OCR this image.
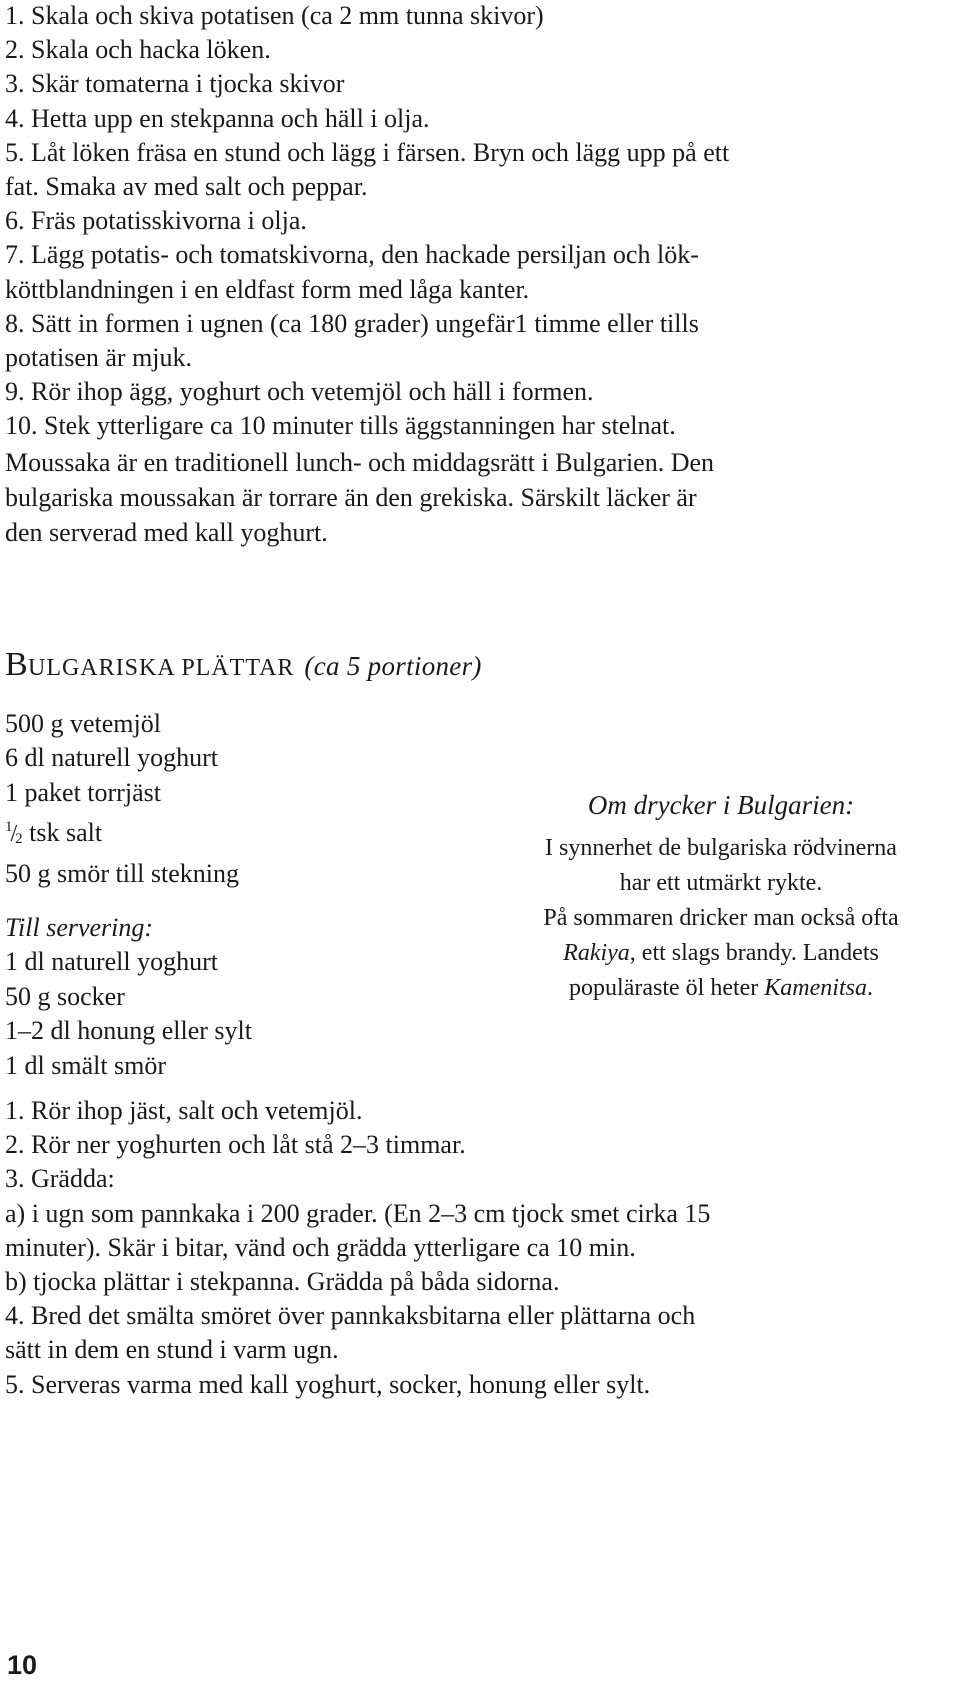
1. Skala och skiva potatisen (ca 2 mm tunna skivor)
2. Skala och hacka löken.
3. Skär tomaterna i tjocka skivor
4. Hetta upp en stekpanna och häll i olja.
5. Låt löken fräsa en stund och lägg i färsen. Bryn och lägg upp på ett
fat. Smaka av med salt och peppar.
6. Fräs potatisskivorna i olja.
7. Lägg potatis- och tomatskivorna, den hackade persiljan och lök-
köttblandningen i en eldfast form med låga kanter.
8. Sätt in formen i ugnen (ca 180 grader) ungefär1 timme eller tills
potatisen är mjuk.
9. Rör ihop ägg, yoghurt och vetemjöl och häll i formen.
10. Stek ytterligare ca 10 minuter tills äggstanningen har stelnat.
Moussaka är en traditionell lunch- och middagsrätt i Bulgarien. Den
bulgariska moussakan är torrare än den grekiska. Särskilt läcker är
den serverad med kall yoghurt.
BULGARISKA PLÄTTAR (ca 5 portioner)
500 g vetemjöl
6 dl naturell yoghurt
1 paket torrjäst
$^1/_2$ tsk salt
50 g smör till stekning
Till servering:
1 dl naturell yoghurt
50 g socker
1–2 dl honung eller sylt
1 dl smält smör
Om drycker i Bulgarien:
I synnerhet de bulgariska rödvinerna
har ett utmärkt rykte.
På sommaren dricker man också ofta
Rakiya, ett slags brandy. Landets
populäraste öl heter Kamenitsa.
1. Rör ihop jäst, salt och vetemjöl.
2. Rör ner yoghurten och låt stå 2–3 timmar.
3. Grädda:
a) i ugn som pannkaka i 200 grader. (En 2–3 cm tjock smet cirka 15
minuter). Skär i bitar, vänd och grädda ytterligare ca 10 min.
b) tjocka plättar i stekpanna. Grädda på båda sidorna.
4. Bred det smälta smöret över pannkaksbitarna eller plättarna och
sätt in dem en stund i varm ugn.
5. Serveras varma med kall yoghurt, socker, honung eller sylt.
10
